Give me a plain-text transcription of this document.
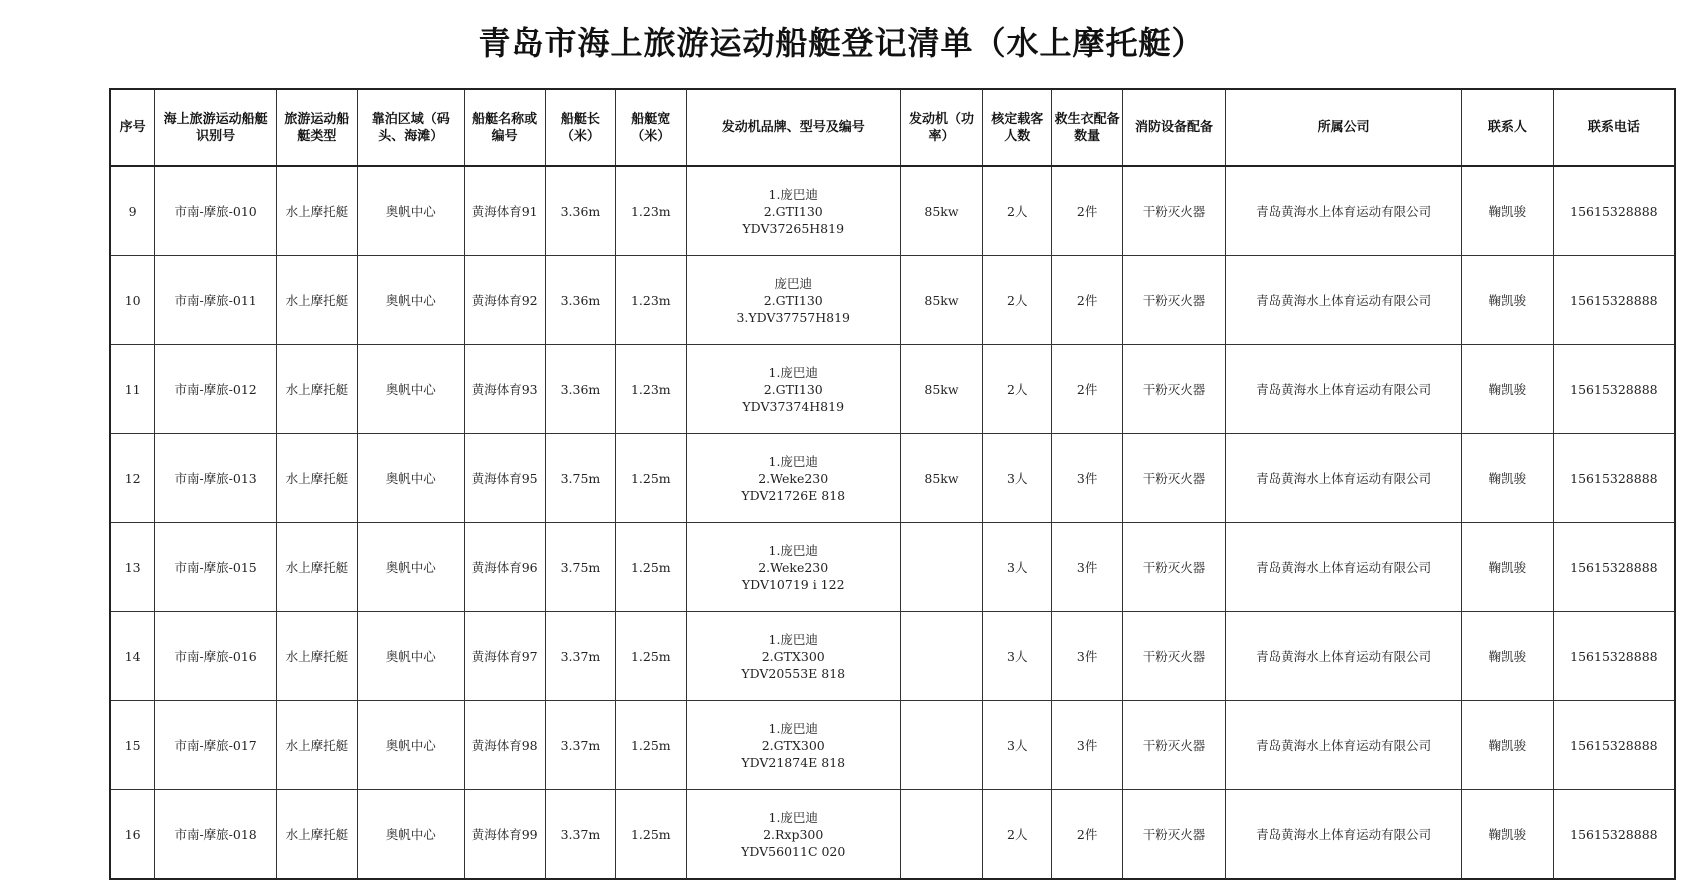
青岛市海上旅游运动船艇登记清单（水上摩托艇）
序号	海上旅游运动船艇识别号	旅游运动船艇类型	靠泊区域（码头、海滩）	船艇名称或编号	船艇长（米）	船艇宽（米）	发动机品牌、型号及编号	发动机（功率）	核定载客人数	救生衣配备数量	消防设备配备	所属公司	联系人	联系电话
9	市南-摩旅-010	水上摩托艇	奥帆中心	黄海体育91	3.36m	1.23m	1.庞巴迪
2.GTI130
YDV37265H819	85kw	2人	2件	干粉灭火器	青岛黄海水上体育运动有限公司	鞠凯骏	15615328888
10	市南-摩旅-011	水上摩托艇	奥帆中心	黄海体育92	3.36m	1.23m	庞巴迪
2.GTI130
3.YDV37757H819	85kw	2人	2件	干粉灭火器	青岛黄海水上体育运动有限公司	鞠凯骏	15615328888
11	市南-摩旅-012	水上摩托艇	奥帆中心	黄海体育93	3.36m	1.23m	1.庞巴迪
2.GTI130
YDV37374H819	85kw	2人	2件	干粉灭火器	青岛黄海水上体育运动有限公司	鞠凯骏	15615328888
12	市南-摩旅-013	水上摩托艇	奥帆中心	黄海体育95	3.75m	1.25m	1.庞巴迪
2.Weke230
YDV21726E 818	85kw	3人	3件	干粉灭火器	青岛黄海水上体育运动有限公司	鞠凯骏	15615328888
13	市南-摩旅-015	水上摩托艇	奥帆中心	黄海体育96	3.75m	1.25m	1.庞巴迪
2.Weke230
YDV10719 i 122		3人	3件	干粉灭火器	青岛黄海水上体育运动有限公司	鞠凯骏	15615328888
14	市南-摩旅-016	水上摩托艇	奥帆中心	黄海体育97	3.37m	1.25m	1.庞巴迪
2.GTX300
YDV20553E 818		3人	3件	干粉灭火器	青岛黄海水上体育运动有限公司	鞠凯骏	15615328888
15	市南-摩旅-017	水上摩托艇	奥帆中心	黄海体育98	3.37m	1.25m	1.庞巴迪
2.GTX300
YDV21874E 818		3人	3件	干粉灭火器	青岛黄海水上体育运动有限公司	鞠凯骏	15615328888
16	市南-摩旅-018	水上摩托艇	奥帆中心	黄海体育99	3.37m	1.25m	1.庞巴迪
2.Rxp300
YDV56011C 020		2人	2件	干粉灭火器	青岛黄海水上体育运动有限公司	鞠凯骏	15615328888
